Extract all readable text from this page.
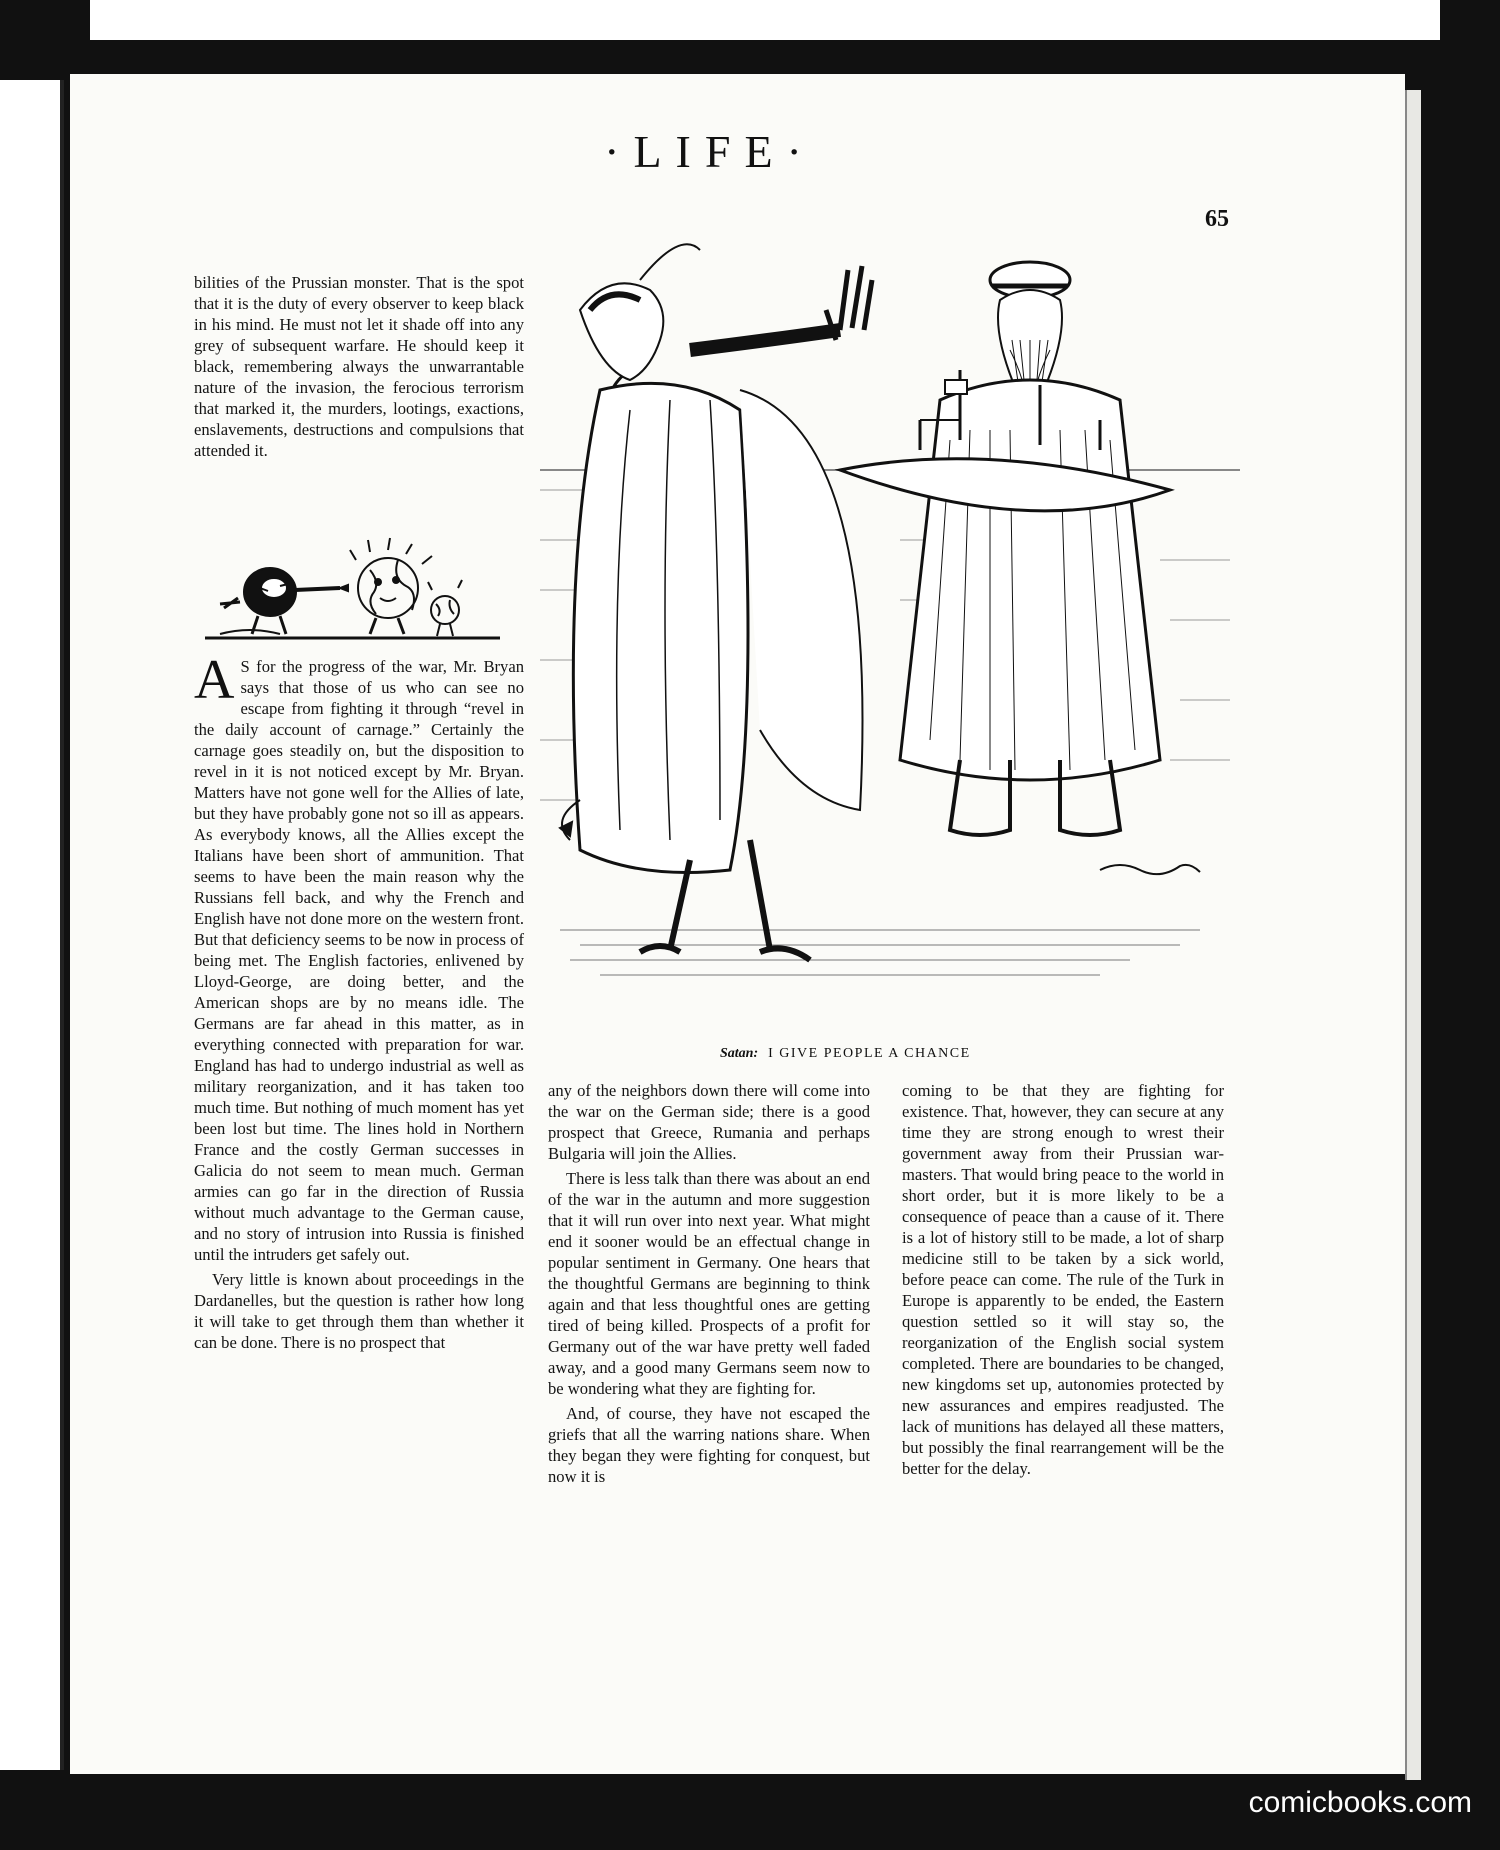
·LIFE·
65

bilities of the Prussian monster. That is the spot that it is the duty of every observer to keep black in his mind. He must not let it shade off into any grey of subsequent warfare. He should keep it black, remembering always the unwarrantable nature of the invasion, the ferocious terrorism that marked it, the murders, lootings, exactions, enslavements, destructions and compulsions that attended it.

A S for the progress of the war, Mr. Bryan says that those of us who can see no escape from fighting it through “revel in the daily account of carnage.” Certainly the carnage goes steadily on, but the disposition to revel in it is not noticed except by Mr. Bryan. Matters have not gone well for the Allies of late, but they have probably gone not so ill as appears. As everybody knows, all the Allies except the Italians have been short of ammunition. That seems to have been the main reason why the Russians fell back, and why the French and English have not done more on the western front. But that deficiency seems to be now in process of being met. The English factories, enlivened by Lloyd-George, are doing better, and the American shops are by no means idle. The Germans are far ahead in this matter, as in everything connected with preparation for war. England has had to undergo industrial as well as military reorganization, and it has taken too much time. But nothing of much moment has yet been lost but time. The lines hold in Northern France and the costly German successes in Galicia do not seem to mean much. German armies can go far in the direction of Russia without much advantage to the German cause, and no story of intrusion into Russia is finished until the intruders get safely out.

Very little is known about proceedings in the Dardanelles, but the question is rather how long it will take to get through them than whether it can be done. There is no prospect that

Satan: I GIVE PEOPLE A CHANCE

any of the neighbors down there will come into the war on the German side; there is a good prospect that Greece, Rumania and perhaps Bulgaria will join the Allies.

There is less talk than there was about an end of the war in the autumn and more suggestion that it will run over into next year. What might end it sooner would be an effectual change in popular sentiment in Germany. One hears that the thoughtful Germans are beginning to think again and that less thoughtful ones are getting tired of being killed. Prospects of a profit for Germany out of the war have pretty well faded away, and a good many Germans seem now to be wondering what they are fighting for.

And, of course, they have not escaped the griefs that all the warring nations share. When they began they were fighting for conquest, but now it is

coming to be that they are fighting for existence. That, however, they can secure at any time they are strong enough to wrest their government away from their Prussian war-masters. That would bring peace to the world in short order, but it is more likely to be a consequence of peace than a cause of it. There is a lot of history still to be made, a lot of sharp medicine still to be taken by a sick world, before peace can come. The rule of the Turk in Europe is apparently to be ended, the Eastern question settled so it will stay so, the reorganization of the English social system completed. There are boundaries to be changed, new kingdoms set up, autonomies protected by new assurances and empires readjusted. The lack of munitions has delayed all these matters, but possibly the final rearrangement will be the better for the delay.

comicbooks.com
